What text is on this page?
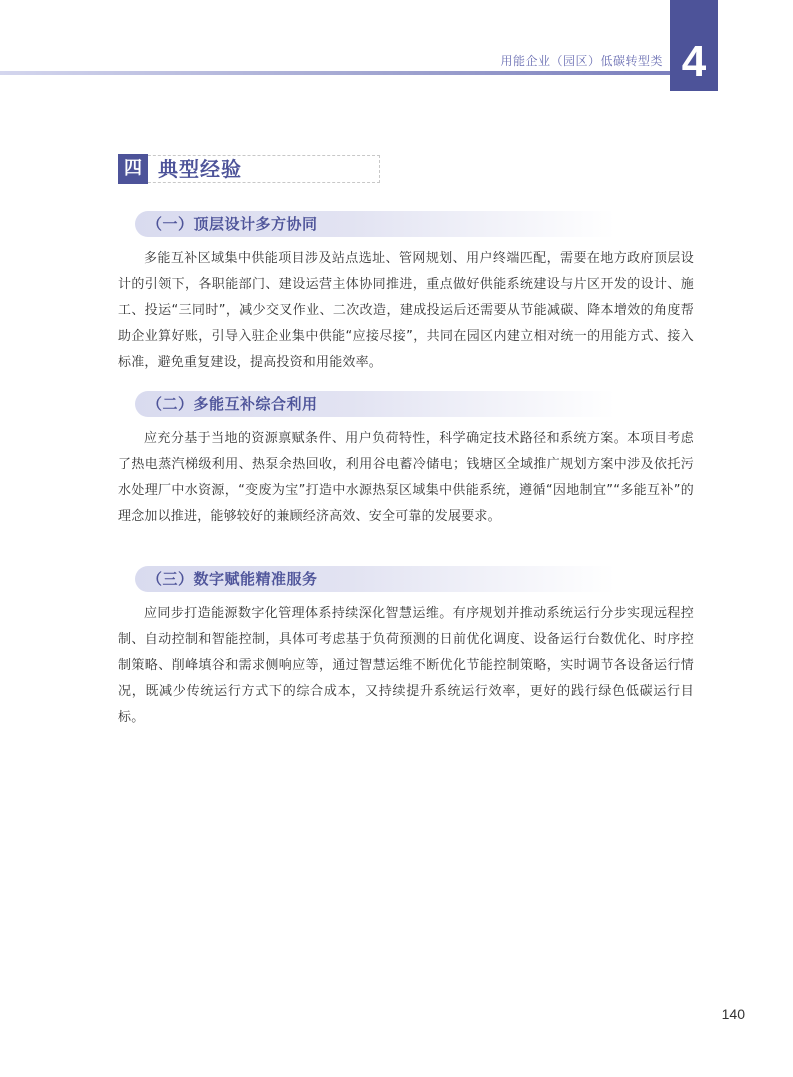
用能企业（园区）低碳转型类 4
四 典型经验
（一）顶层设计多方协同

多能互补区域集中供能项目涉及站点选址、管网规划、用户终端匹配，需要在地方政府顶层设计的引领下，各职能部门、建设运营主体协同推进，重点做好供能系统建设与片区开发的设计、施工、投运“三同时”，减少交叉作业、二次改造，建成投运后还需要从节能减碳、降本增效的角度帮助企业算好账，引导入驻企业集中供能“应接尽接”，共同在园区内建立相对统一的用能方式、接入标准，避免重复建设，提高投资和用能效率。

（二）多能互补综合利用

应充分基于当地的资源禀赋条件、用户负荷特性，科学确定技术路径和系统方案。本项目考虑了热电蒸汽梯级利用、热泵余热回收，利用谷电蓄冷储电；钱塘区全域推广规划方案中涉及依托污水处理厂中水资源，“变废为宝”打造中水源热泵区域集中供能系统，遵循“因地制宜”“多能互补”的理念加以推进，能够较好的兼顾经济高效、安全可靠的发展要求。

（三）数字赋能精准服务

应同步打造能源数字化管理体系持续深化智慧运维。有序规划并推动系统运行分步实现远程控制、自动控制和智能控制，具体可考虑基于负荷预测的日前优化调度、设备运行台数优化、时序控制策略、削峰填谷和需求侧响应等，通过智慧运维不断优化节能控制策略，实时调节各设备运行情况，既减少传统运行方式下的综合成本，又持续提升系统运行效率，更好的践行绿色低碳运行目标。

140
